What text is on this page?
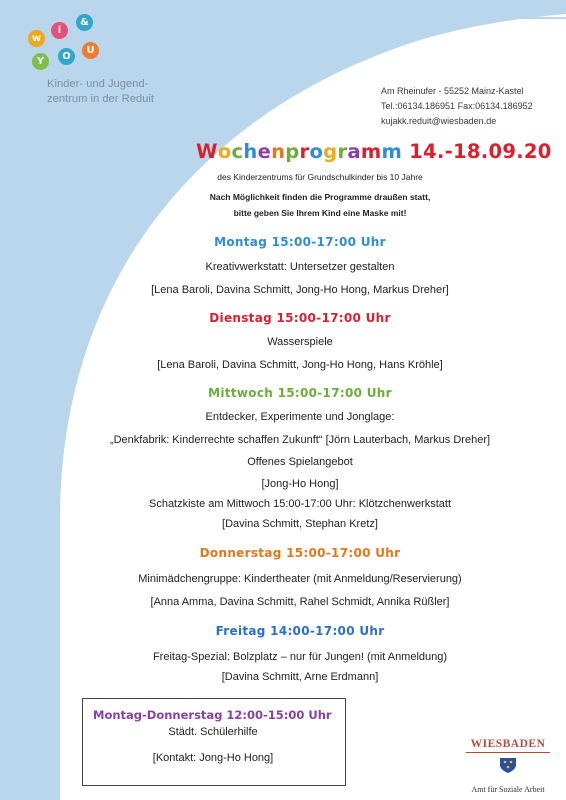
w
i
&
Y	O
U
Kinder- und Jugend-
zentrum in der Reduit
Am Rheinufer - 55252 Mainz-Kastel
Tel.:06134.186951 Fax:06134.186952
kujakk.reduit@wiesbaden.de
Wochenprogramm 14.-18.09.20
des Kinderzentrums für Grundschulkinder bis 10 Jahre
Nach Möglichkeit finden die Programme draußen statt,
bitte geben Sie Ihrem Kind eine Maske mit!
Montag 15:00-17:00 Uhr
Kreativwerkstatt: Untersetzer gestalten
[Lena Baroli, Davina Schmitt, Jong-Ho Hong, Markus Dreher]
Dienstag 15:00-17:00 Uhr
Wasserspiele
[Lena Baroli, Davina Schmitt, Jong-Ho Hong, Hans Kröhle]
Mittwoch 15:00-17:00 Uhr
Entdecker, Experimente und Jonglage:
„Denkfabrik: Kinderrechte schaffen Zukunft“ [Jörn Lauterbach, Markus Dreher]
Offenes Spielangebot
[Jong-Ho Hong]
Schatzkiste am Mittwoch 15:00-17:00 Uhr: Klötzchenwerkstatt
[Davina Schmitt, Stephan Kretz]
Donnerstag 15:00-17:00 Uhr
Minimädchengruppe: Kindertheater (mit Anmeldung/Reservierung)
[Anna Amma, Davina Schmitt, Rahel Schmidt, Annika Rüßler]
Freitag 14:00-17:00 Uhr
Freitag-Spezial: Bolzplatz – nur für Jungen! (mit Anmeldung)
[Davina Schmitt, Arne Erdmann]
Montag-Donnerstag 12:00-15:00 Uhr
Städt. Schülerhilfe
[Kontakt: Jong-Ho Hong]
WIESBADEN
Amt für Soziale Arbeit
